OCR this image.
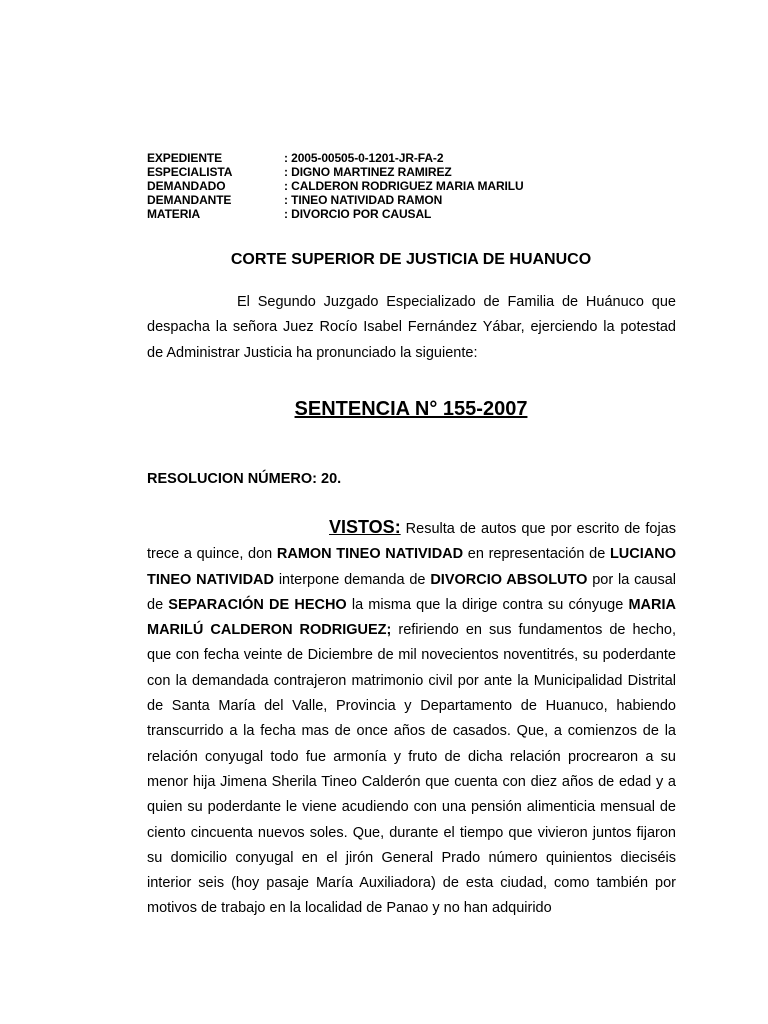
EXPEDIENTE	: 2005-00505-0-1201-JR-FA-2
ESPECIALISTA	: DIGNO MARTINEZ RAMIREZ
DEMANDADO	: CALDERON RODRIGUEZ MARIA MARILU
DEMANDANTE	: TINEO NATIVIDAD RAMON
MATERIA	: DIVORCIO POR CAUSAL
CORTE SUPERIOR DE JUSTICIA DE HUANUCO

El Segundo Juzgado Especializado de Familia de Huánuco que despacha la señora Juez Rocío Isabel Fernández Yábar, ejerciendo la potestad de Administrar Justicia ha pronunciado la siguiente:

SENTENCIA N° 155-2007

RESOLUCION NÚMERO: 20.

VISTOS: Resulta de autos que por escrito de fojas trece a quince, don RAMON TINEO NATIVIDAD en representación de LUCIANO TINEO NATIVIDAD interpone demanda de DIVORCIO ABSOLUTO por la causal de SEPARACIÓN DE HECHO la misma que la dirige contra su cónyuge MARIA MARILÚ CALDERON RODRIGUEZ; refiriendo en sus fundamentos de hecho, que con fecha veinte de Diciembre de mil novecientos noventitrés, su poderdante con la demandada contrajeron matrimonio civil por ante la Municipalidad Distrital de Santa María del Valle, Provincia y Departamento de Huanuco, habiendo transcurrido a la fecha mas de once años de casados. Que, a comienzos de la relación conyugal todo fue armonía y fruto de dicha relación procrearon a su menor hija Jimena Sherila Tineo Calderón que cuenta con diez años de edad y a quien su poderdante le viene acudiendo con una pensión alimenticia mensual de ciento cincuenta nuevos soles. Que, durante el tiempo que vivieron juntos fijaron su domicilio conyugal en el jirón General Prado número quinientos dieciséis interior seis (hoy pasaje María Auxiliadora) de esta ciudad, como también por motivos de trabajo en la localidad de Panao y no han adquirido
